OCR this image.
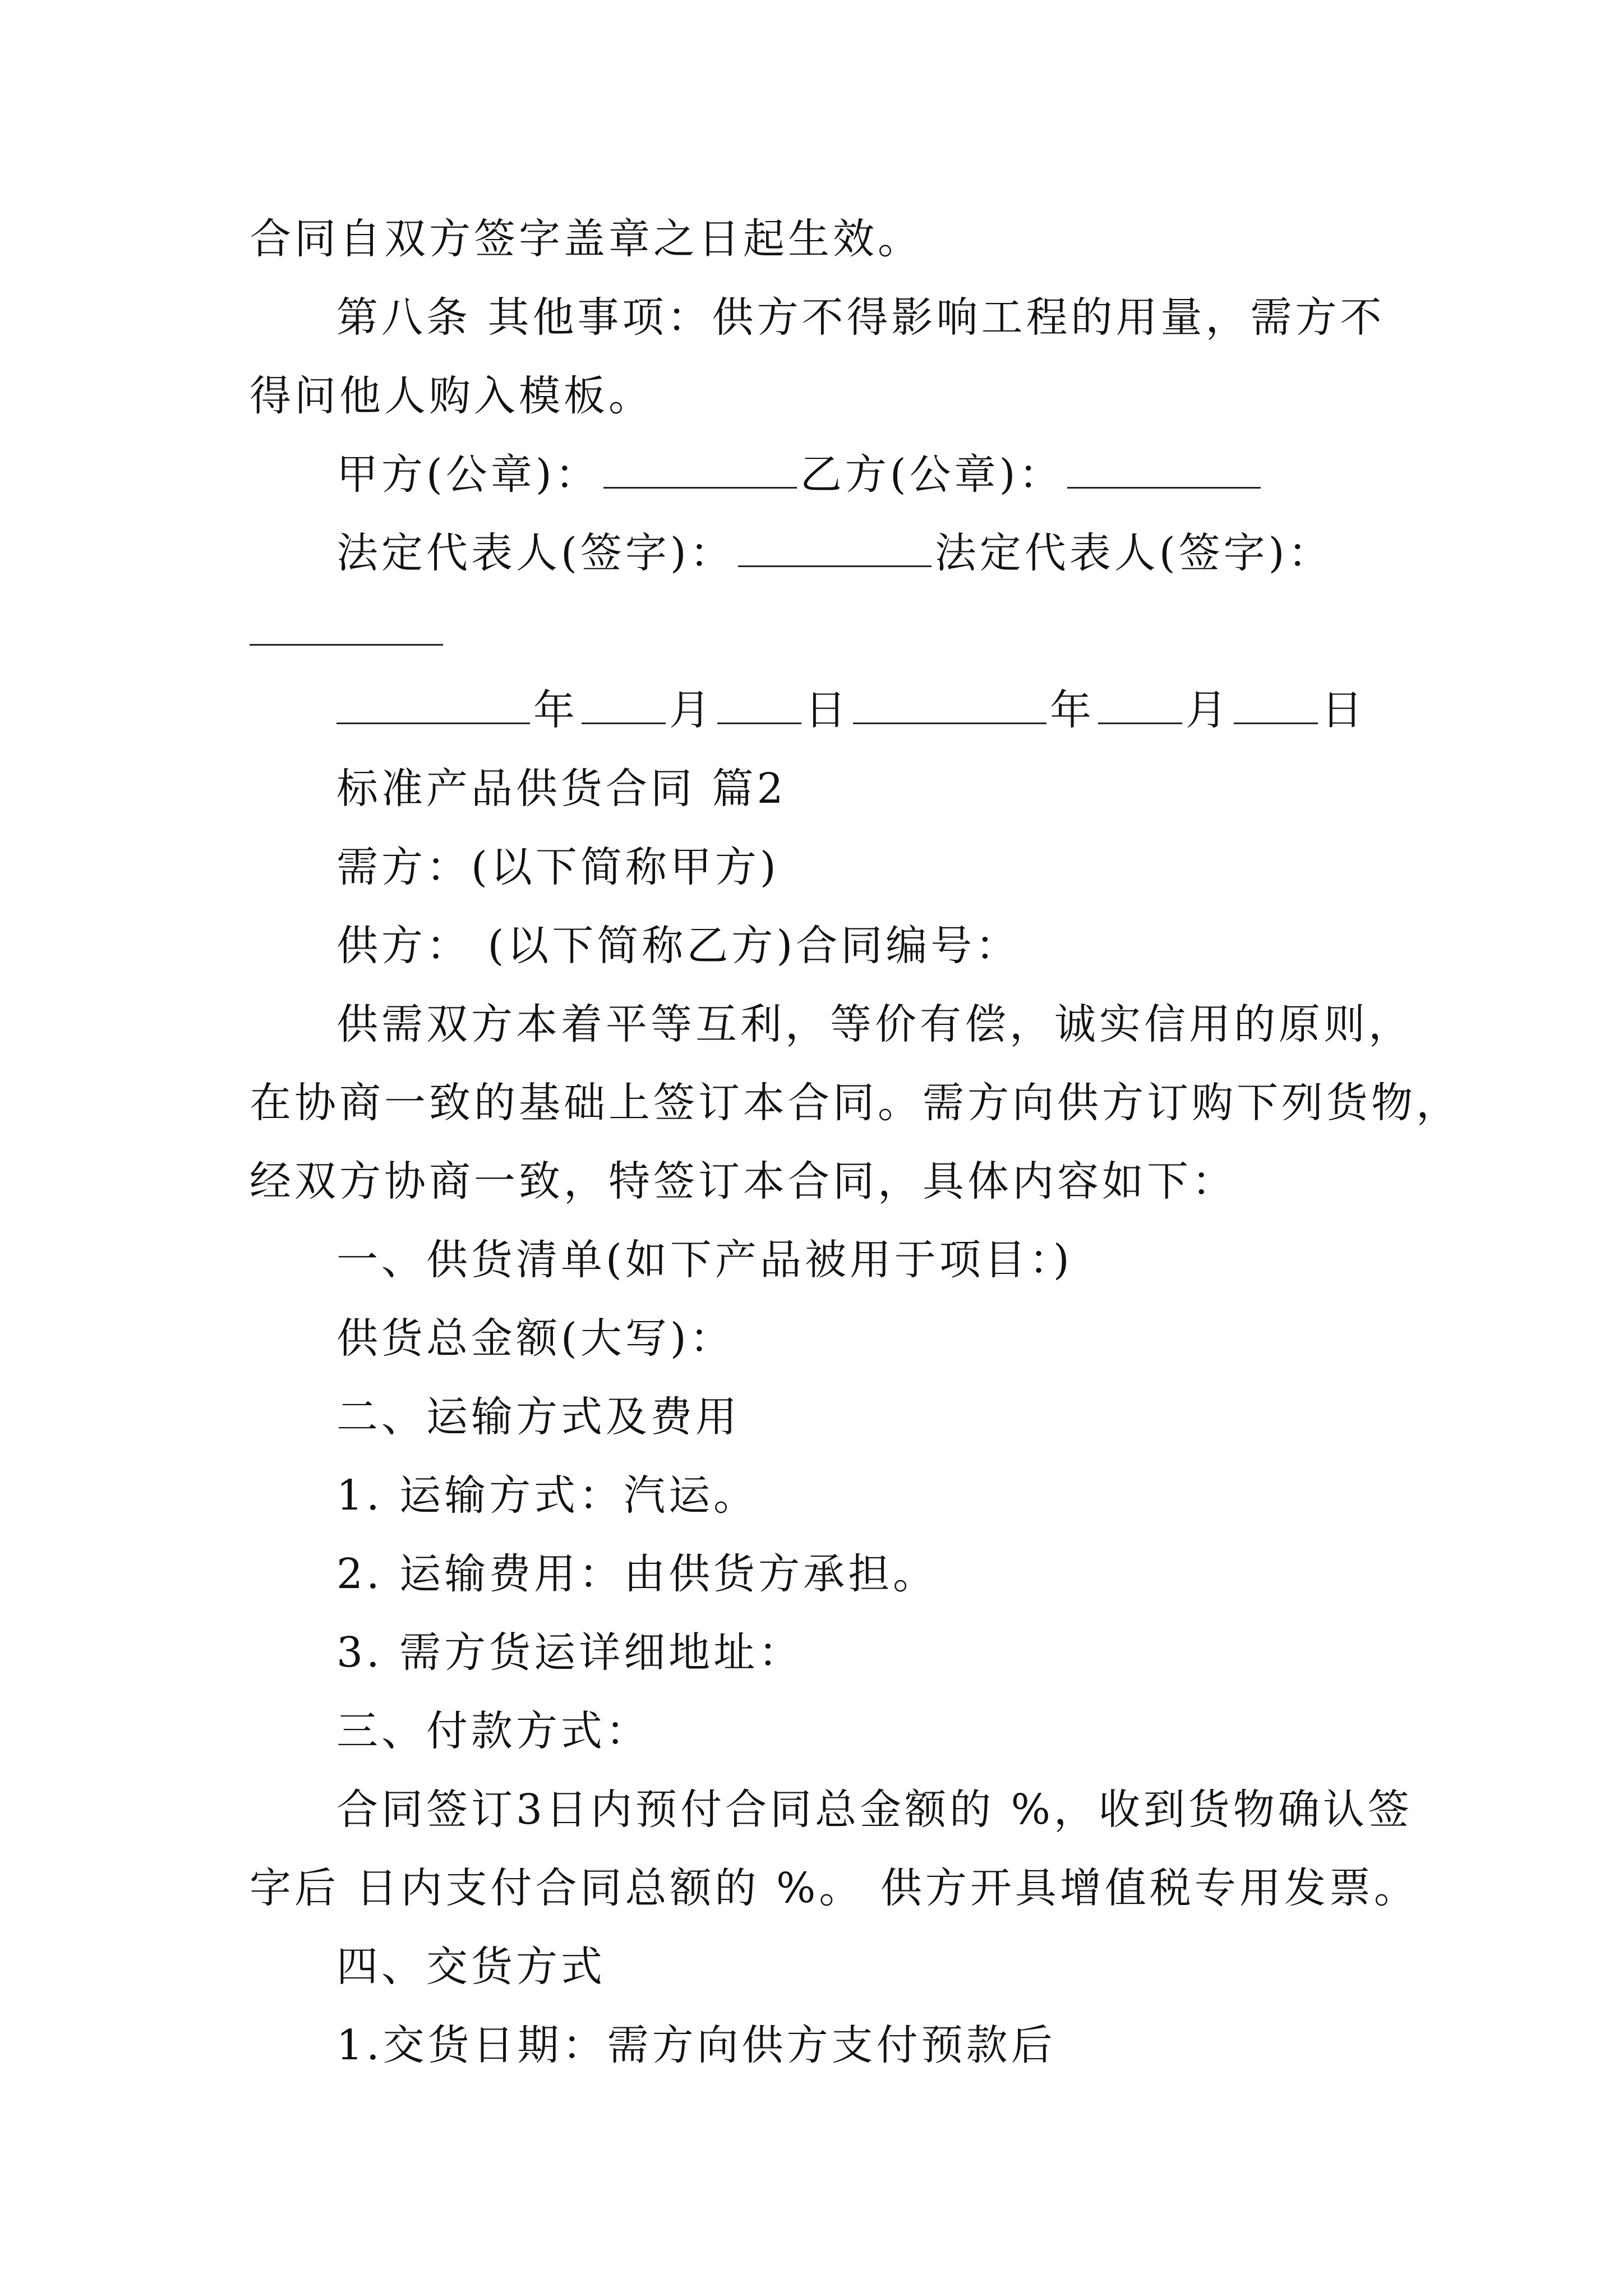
合同自双方签字盖章之日起生效。
第八条 其他事项：供方不得影响工程的用量，需方不
得问他人购入模板。
甲方(公章)：	乙方(公章)：
法定代表人(签字)：	法定代表人(签字)：
年 月 日	年 月 日
标准产品供货合同 篇2
需方：(以下简称甲方)
供方： (以下简称乙方)合同编号：
供需双方本着平等互利，等价有偿，诚实信用的原则，
在协商一致的基础上签订本合同。需方向供方订购下列货物，
经双方协商一致，特签订本合同，具体内容如下：
一、供货清单(如下产品被用于项目：)
供货总金额(大写)：
二、运输方式及费用
1. 运输方式：汽运。
2. 运输费用：由供货方承担。
3. 需方货运详细地址：
三、付款方式：
合同签订3日内预付合同总金额的 %，收到货物确认签
字后 日内支付合同总额的 %。 供方开具增值税专用发票。
四、交货方式
1.交货日期：需方向供方支付预款后
